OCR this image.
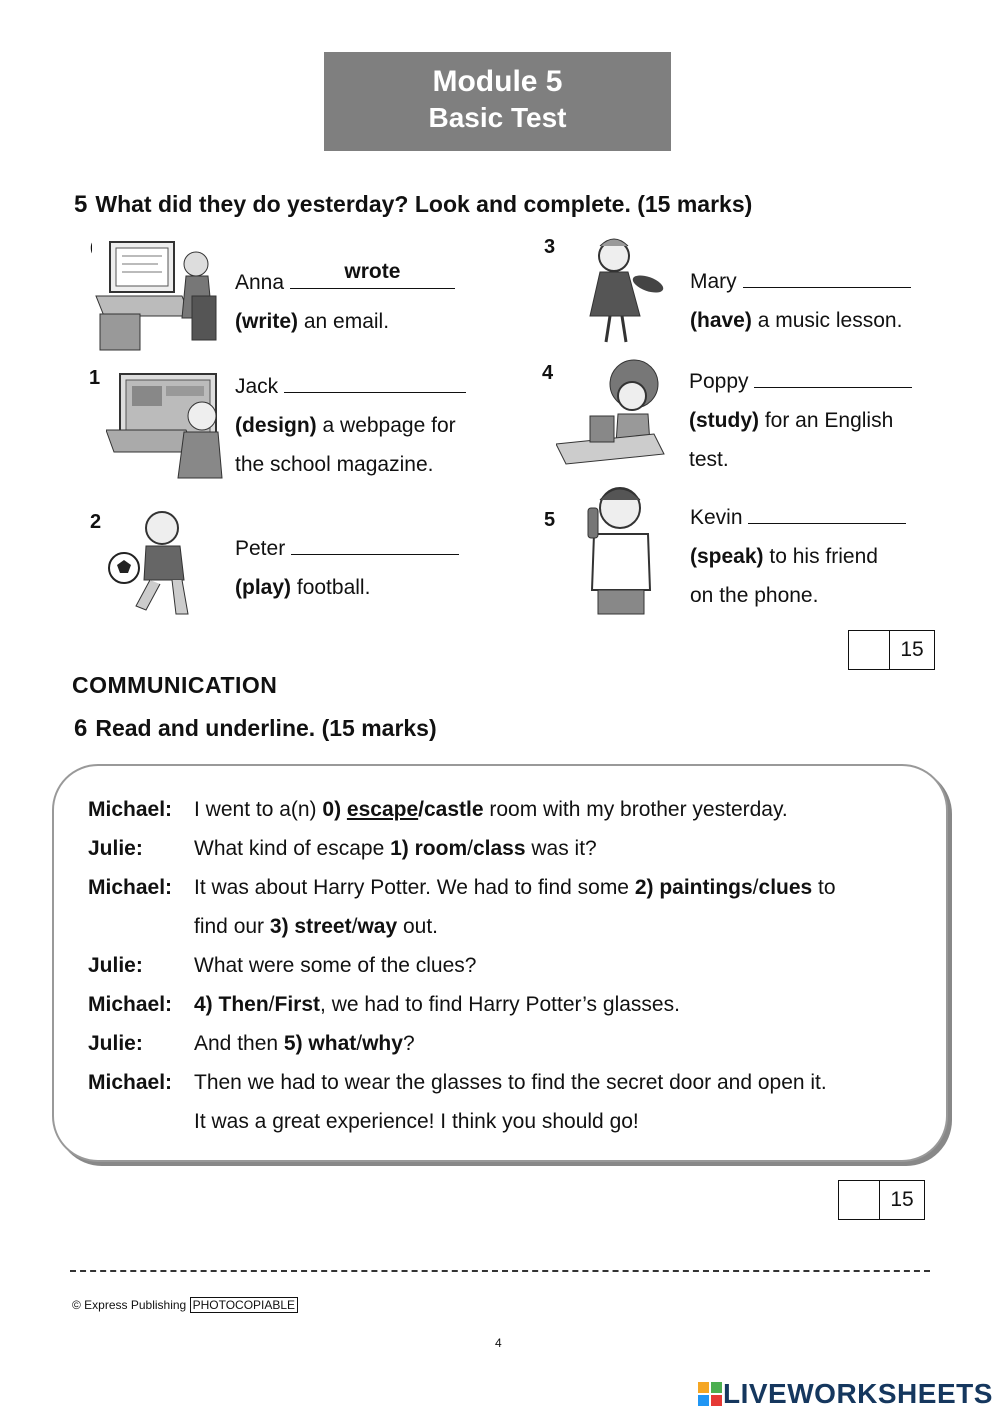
Module 5
Basic Test
5 What did they do yesterday? Look and complete. (15 marks)
0
Anna	wrote
(write) an email.
1	Jack
(design) a webpage for
the school magazine.
2
Peter
(play) football.
3
Mary
(have) a music lesson.
4	Poppy
(study) for an English
test.
5	Kevin
(speak) to his friend
on the phone.
15
COMMUNICATION
6 Read and underline. (15 marks)
Michael:	I went to a(n) 0) escape/castle room with my brother yesterday.
Julie:	What kind of escape 1) room/class was it?
Michael:	It was about Harry Potter. We had to find some 2) paintings/clues to
find our 3) street/way out.
Julie:	What were some of the clues?
Michael:	4) Then/First, we had to find Harry Potter’s glasses.
Julie:	And then 5) what/why?
Michael:	Then we had to wear the glasses to find the secret door and open it.
It was a great experience! I think you should go!
15
© Express Publishing PHOTOCOPIABLE
4
LIVEWORKSHEETS
